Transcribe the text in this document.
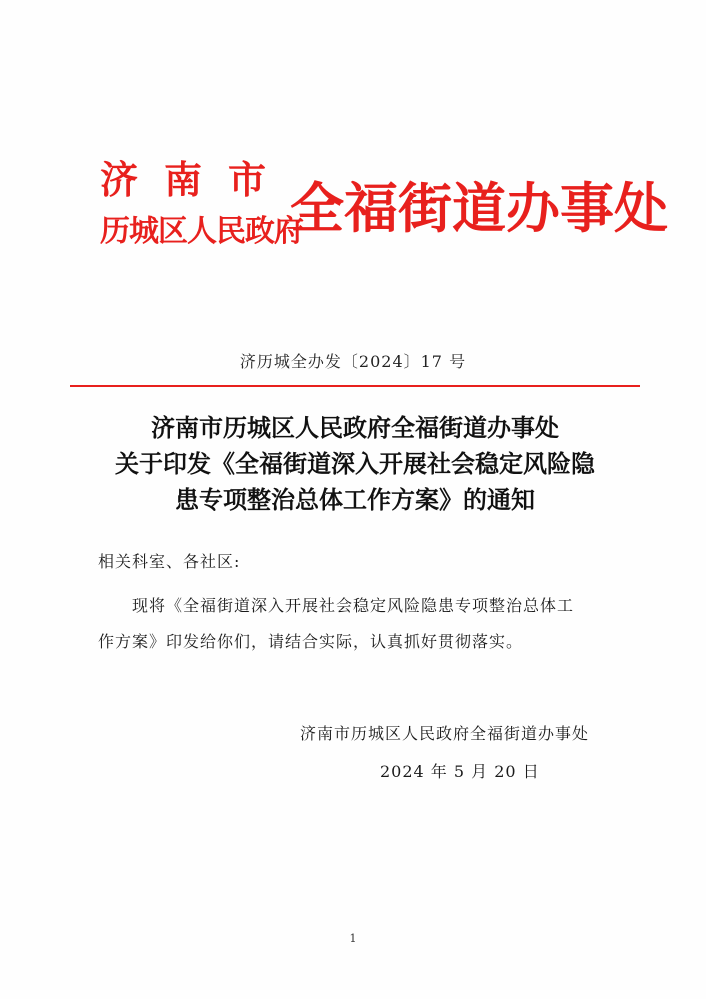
济南市
历城区人民政府
全福街道办事处
济历城全办发〔2024〕17 号
济南市历城区人民政府全福街道办事处
关于印发《全福街道深入开展社会稳定风险隐
患专项整治总体工作方案》的通知
相关科室、各社区:
现将《全福街道深入开展社会稳定风险隐患专项整治总体工
作方案》印发给你们，请结合实际，认真抓好贯彻落实。
济南市历城区人民政府全福街道办事处
2024 年 5 月 20 日
1
